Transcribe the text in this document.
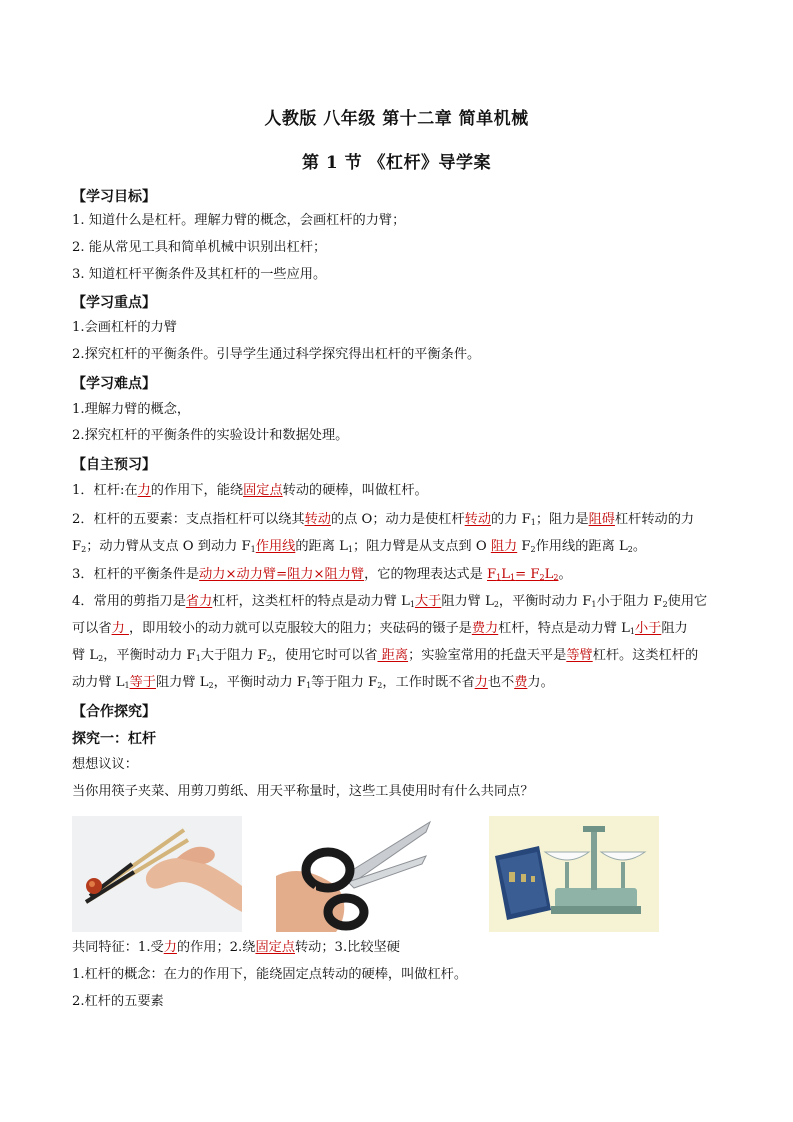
人教版 八年级 第十二章 简单机械
第 1 节 《杠杆》导学案
【学习目标】
1. 知道什么是杠杆。理解力臂的概念，会画杠杆的力臂；
2. 能从常见工具和简单机械中识别出杠杆；
3. 知道杠杆平衡条件及其杠杆的一些应用。
【学习重点】
1.会画杠杆的力臂
2.探究杠杆的平衡条件。引导学生通过科学探究得出杠杆的平衡条件。
【学习难点】
1.理解力臂的概念，
2.探究杠杆的平衡条件的实验设计和数据处理。
【自主预习】
1．杠杆:在力的作用下，能绕固定点转动的硬棒，叫做杠杆。
2．杠杆的五要素：支点指杠杆可以绕其转动的点 O；动力是使杠杆转动的力 $F_1$；阻力是阻碍杠杆转动的力
$F_2$；动力臂从支点 O 到动力 $F_1$作用线的距离 $L_1$；阻力臂是从支点到 O 阻力 $F_2$作用线的距离 $L_2$。
3．杠杆的平衡条件是动力×动力臂=阻力×阻力臂，它的物理表达式是 $F_1L_1= F_2L_2$。
4．常用的剪指刀是省力杠杆，这类杠杆的特点是动力臂 $L_1$大于阻力臂 $L_2$，平衡时动力 $F_1$小于阻力 $F_2$使用它
可以省力 ，即用较小的动力就可以克服较大的阻力；夹砝码的镊子是费力杠杆，特点是动力臂 $L_1$小于阻力
臂 $L_2$，平衡时动力 $F_1$大于阻力 $F_2$，使用它时可以省 距离；实验室常用的托盘天平是等臂杠杆。这类杠杆的
动力臂 $L_1$等于阻力臂 $L_2$，平衡时动力 $F_1$等于阻力 $F_2$，工作时既不省力也不费力。
【合作探究】
探究一：杠杆
想想议议：
当你用筷子夹菜、用剪刀剪纸、用天平称量时，这些工具使用时有什么共同点？
共同特征：1.受力的作用；2.绕固定点转动；3.比较坚硬
1.杠杆的概念：在力的作用下，能绕固定点转动的硬棒，叫做杠杆。
2.杠杆的五要素
